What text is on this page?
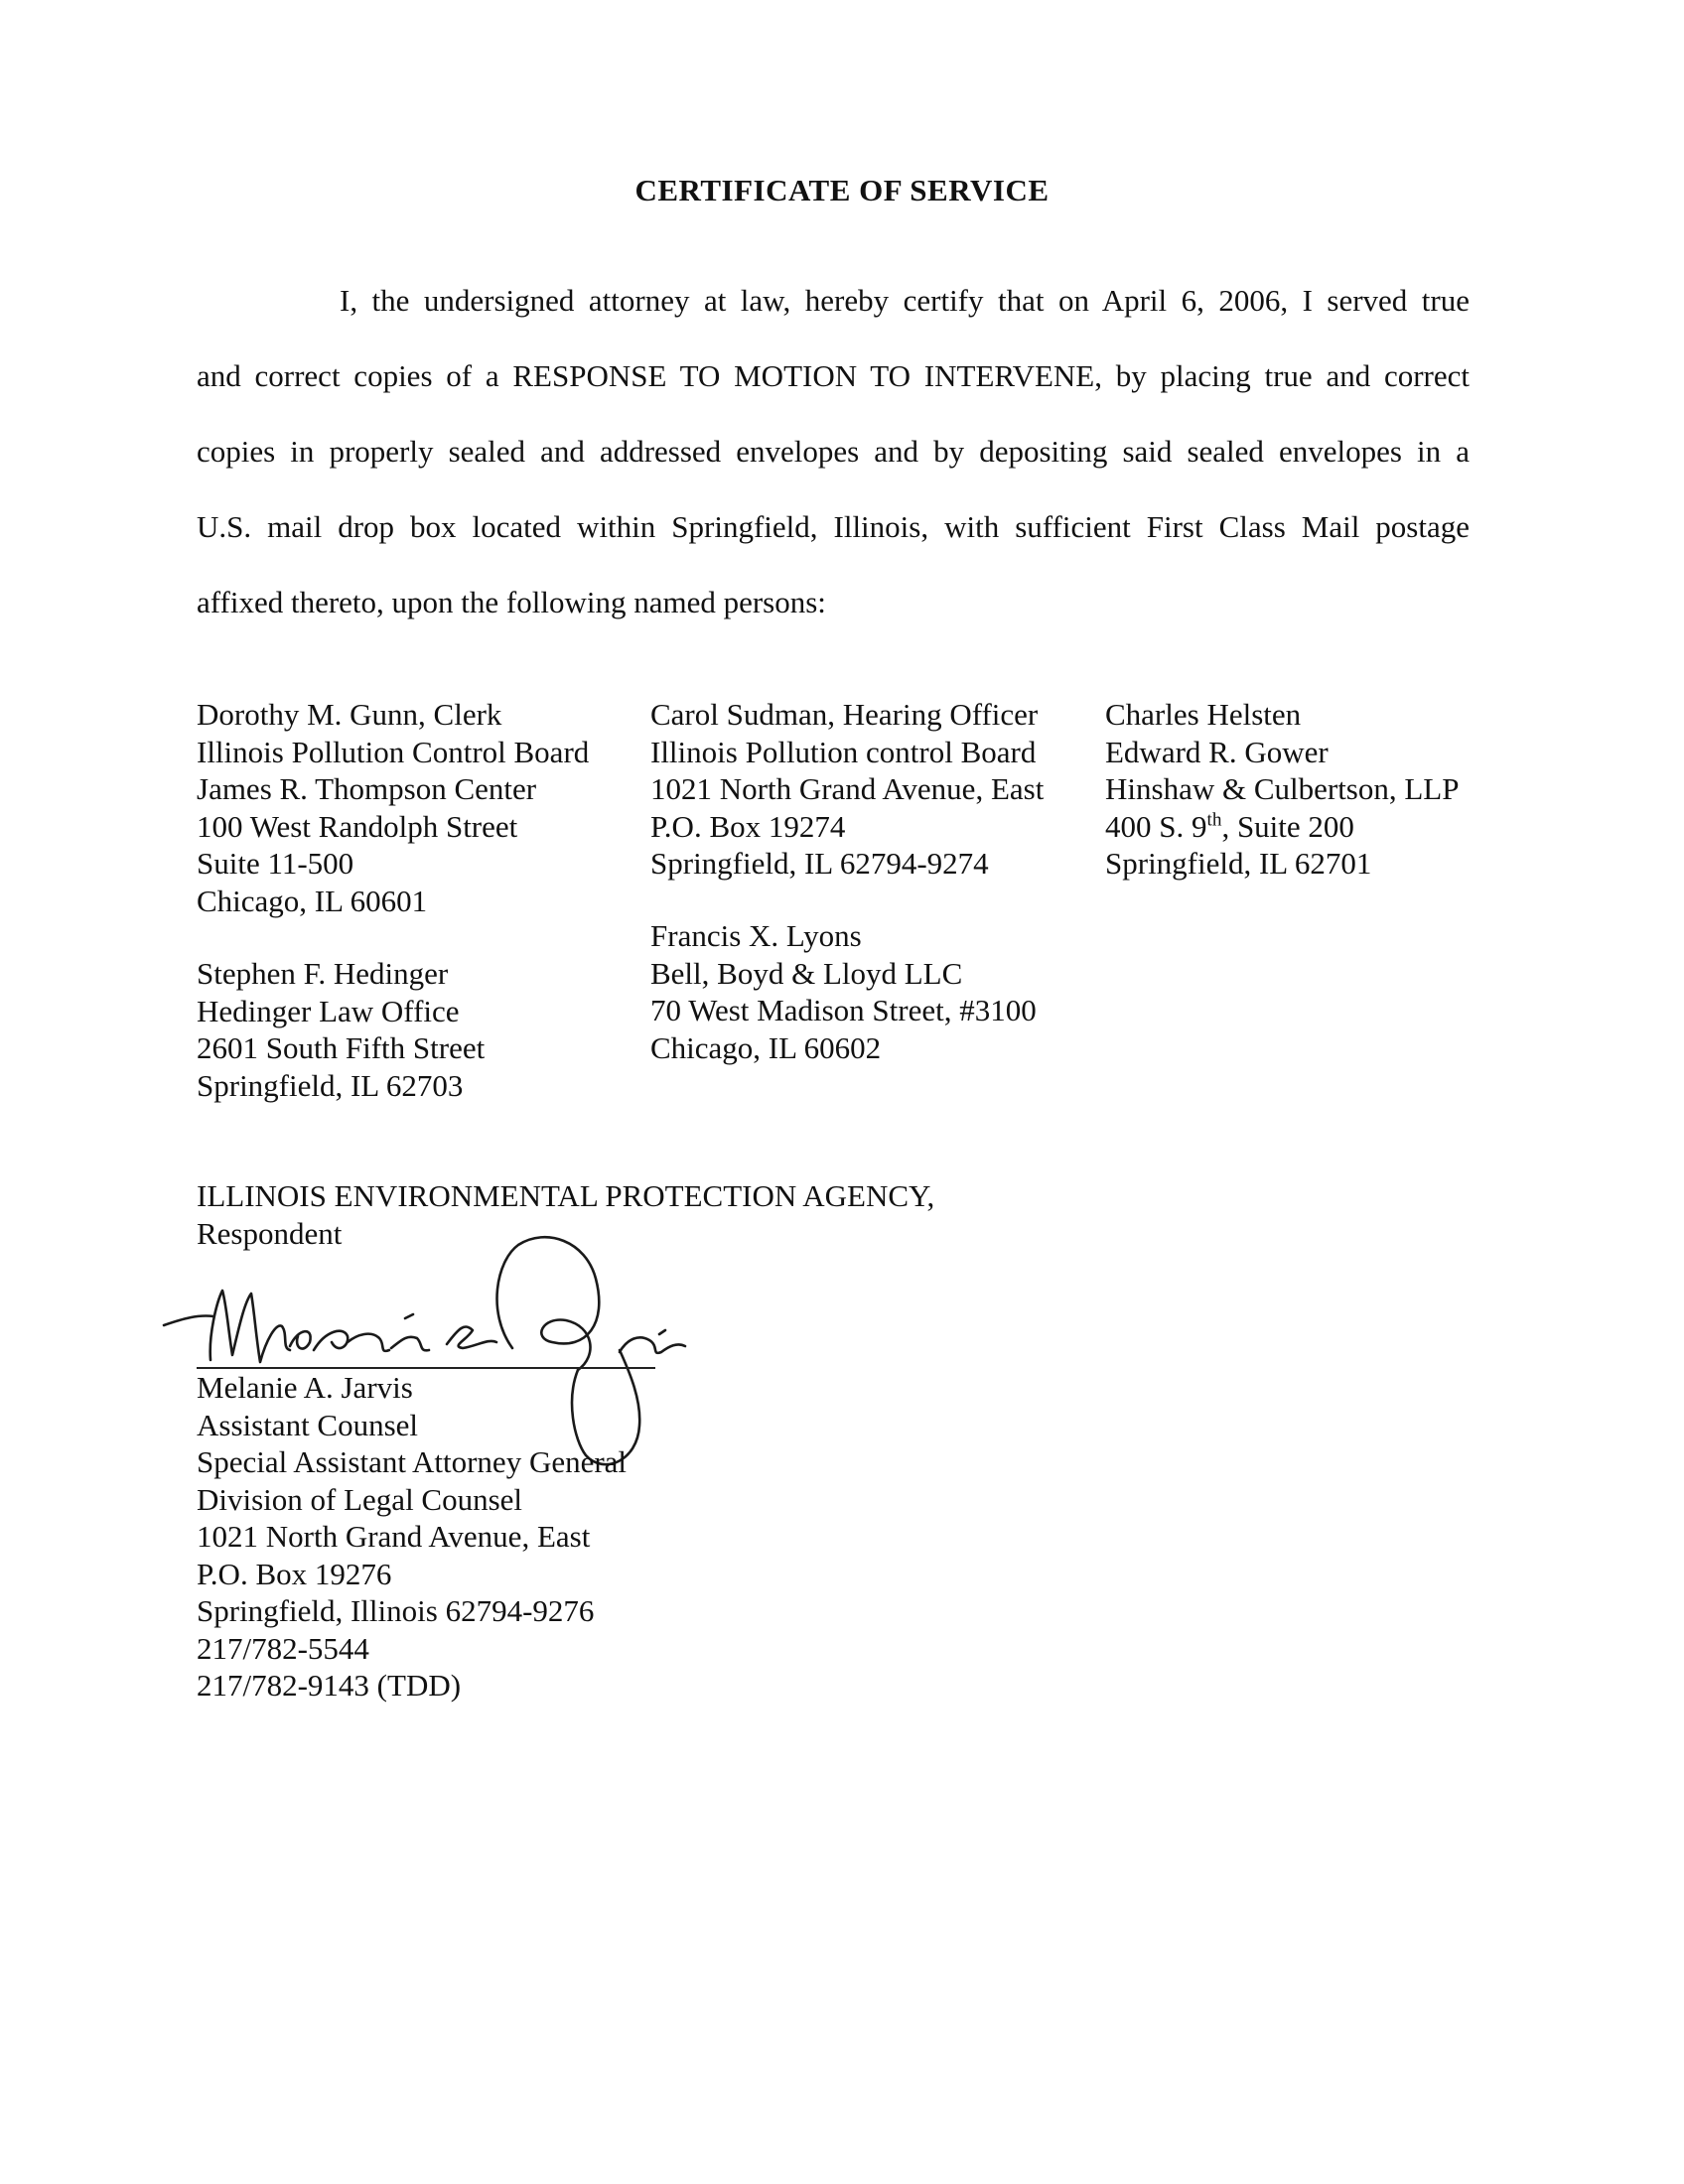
CERTIFICATE OF SERVICE
I, the undersigned attorney at law, hereby certify that on April 6, 2006, I served true
and correct copies of a RESPONSE TO MOTION TO INTERVENE, by placing true and correct
copies in properly sealed and addressed envelopes and by depositing said sealed envelopes in a
U.S. mail drop box located within Springfield, Illinois, with sufficient First Class Mail postage
affixed thereto, upon the following named persons:
Dorothy M. Gunn, Clerk
Illinois Pollution Control Board
James R. Thompson Center
100 West Randolph Street
Suite 11-500
Chicago, IL 60601
Stephen F. Hedinger
Hedinger Law Office
2601 South Fifth Street
Springfield, IL 62703
Carol Sudman, Hearing Officer
Illinois Pollution control Board
1021 North Grand Avenue, East
P.O. Box 19274
Springfield, IL 62794-9274
Francis X. Lyons
Bell, Boyd & Lloyd LLC
70 West Madison Street, #3100
Chicago, IL 60602
Charles Helsten
Edward R. Gower
Hinshaw & Culbertson, LLP
400 S. 9th, Suite 200
Springfield, IL 62701
ILLINOIS ENVIRONMENTAL PROTECTION AGENCY,
Respondent
Melanie A. Jarvis
Assistant Counsel
Special Assistant Attorney General
Division of Legal Counsel
1021 North Grand Avenue, East
P.O. Box 19276
Springfield, Illinois 62794-9276
217/782-5544
217/782-9143 (TDD)
